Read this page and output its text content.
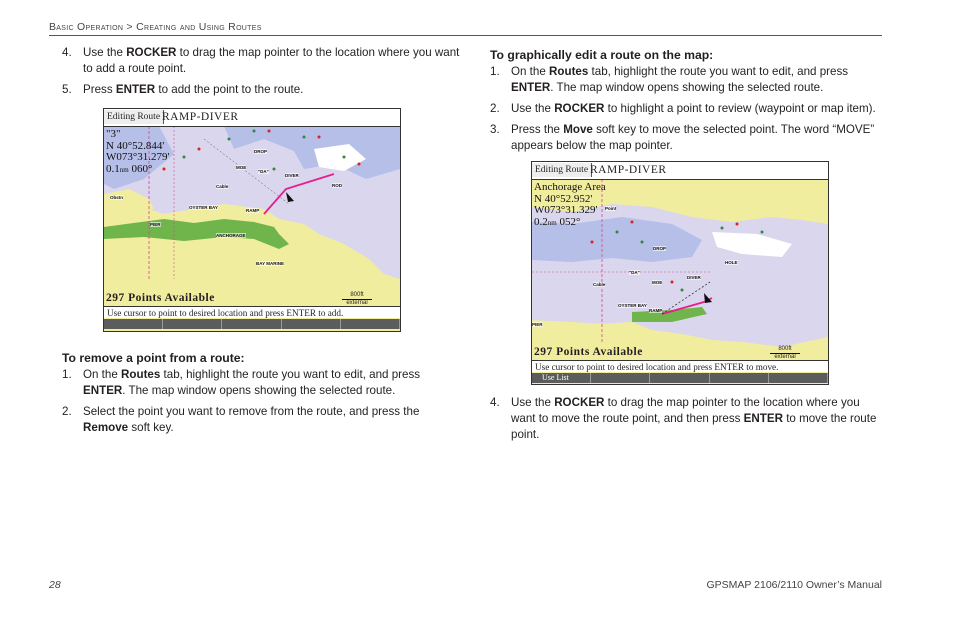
Basic Operation > Creating and Using Routes
4. Use the ROCKER to drag the map pointer to the location where you want to add a route point.
5. Press ENTER to add the point to the route.
To remove a point from a route:
1. On the Routes tab, highlight the route you want to edit, and press ENTER. The map window opens showing the selected route.
2. Select the point you want to remove from the route, and press the Remove soft key.
To graphically edit a route on the map:
1. On the Routes tab, highlight the route you want to edit, and press ENTER. The map window opens showing the selected route.
2. Use the ROCKER to highlight a point to review (waypoint or map item).
3. Press the Move soft key to move the selected point. The word “MOVE” appears below the map pointer.
4. Use the ROCKER to drag the map pointer to the location where you want to move the route point, and then press ENTER to move the route point.
Editing Route RAMP-DIVER
"3"
N 40°52.844'
W073°31.279'
0.1nm 060°
DIVER
ROD
DROP
MOE
"DA"
OYSTER BAY
RAMP
ANCHORAGE
PIER
BAY MARINE
Cable
Obstn
297 Points Available	800ft
external
Use cursor to point to desired location and press ENTER to add.
Editing Route RAMP-DIVER
Anchorage Area
N 40°52.952'
W073°31.329'
0.2nm 052°
DIVER
HOLE
DROP
MOE
"DA"
OYSTER BAY
RAMP
PIER
Cable
Point
297 Points Available	800ft
external
Use cursor to point to desired location and press ENTER to move.
Use List
28	GPSMAP 2106/2110 Owner’s Manual
